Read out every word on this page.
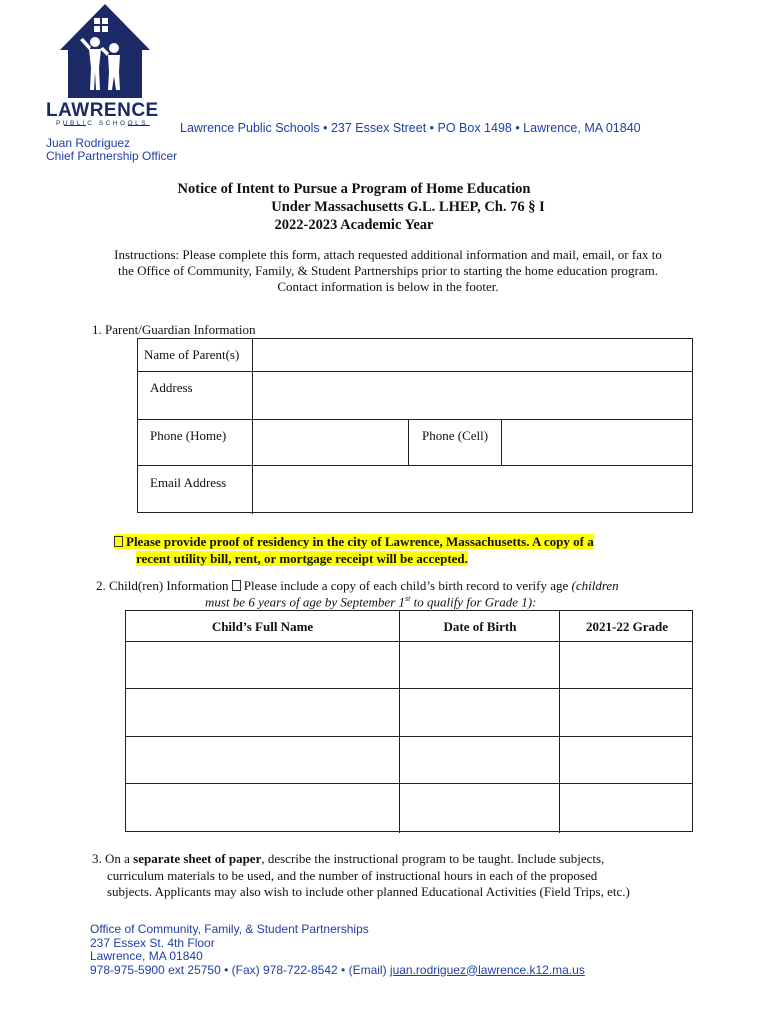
LAWRENCE
PUBLIC SCHOOLS	Lawrence Public Schools • 237 Essex Street • PO Box 1498 • Lawrence, MA 01840
Juan Rodriguez
Chief Partnership Officer
Notice of Intent to Pursue a Program of Home Education
Under Massachusetts G.L. LHEP, Ch. 76 § I
2022-2023 Academic Year
Instructions: Please complete this form, attach requested additional information and mail, email, or fax to the Office of Community, Family, & Student Partnerships prior to starting the home education program. Contact information is below in the footer.
1. Parent/Guardian Information
Name of Parent(s)
Address
Phone (Home)	Phone (Cell)
Email Address
Please provide proof of residency in the city of Lawrence, Massachusetts. A copy of a
recent utility bill, rent, or mortgage receipt will be accepted.
2. Child(ren) Information Please include a copy of each child’s birth record to verify age (children
must be 6 years of age by September 1st to qualify for Grade 1):
Child’s Full Name	Date of Birth	2021-22 Grade
3. On a separate sheet of paper, describe the instructional program to be taught. Include subjects,
curriculum materials to be used, and the number of instructional hours in each of the proposed
subjects. Applicants may also wish to include other planned Educational Activities (Field Trips, etc.)
Office of Community, Family, & Student Partnerships
237 Essex St. 4th Floor
Lawrence, MA 01840
978-975-5900 ext 25750 • (Fax) 978-722-8542 • (Email) juan.rodriguez@lawrence.k12.ma.us
